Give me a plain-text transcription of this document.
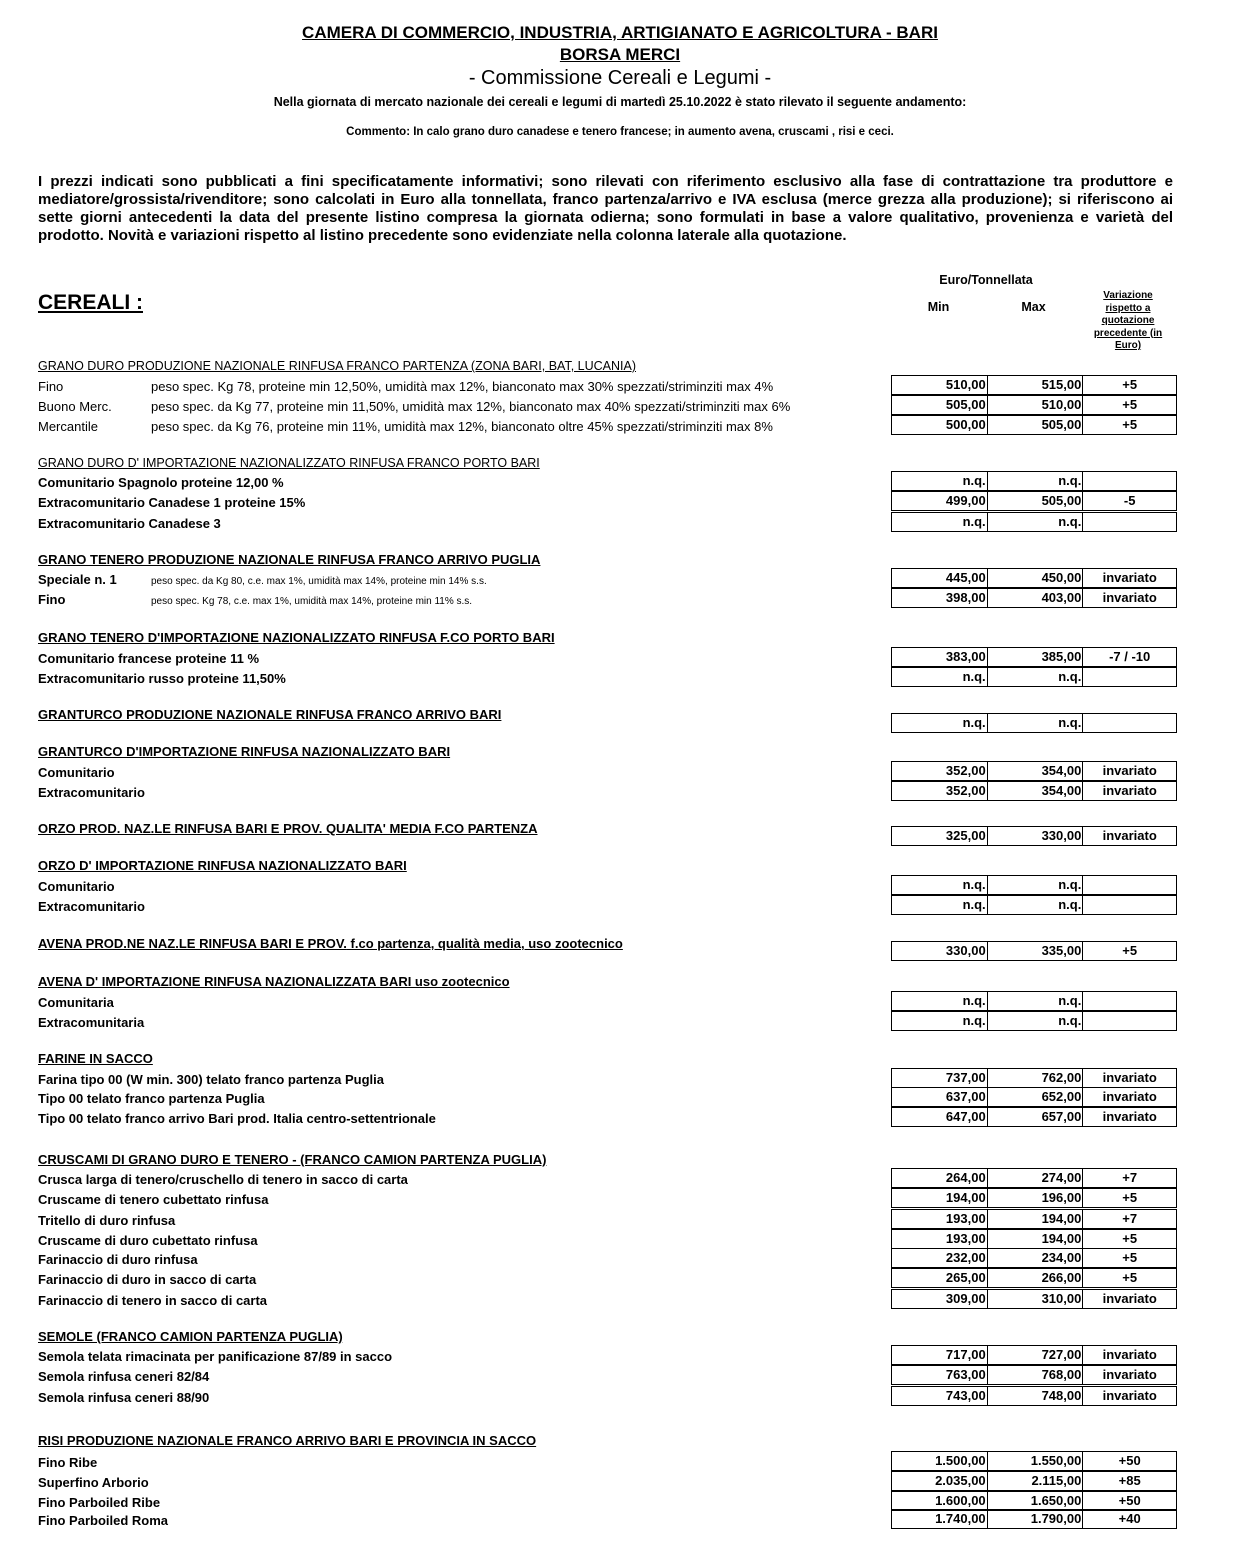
CAMERA DI COMMERCIO, INDUSTRIA, ARTIGIANATO E AGRICOLTURA - BARI
BORSA MERCI
- Commissione Cereali e Legumi -
Nella giornata di mercato nazionale dei cereali e legumi di martedì 25.10.2022 è stato rilevato il seguente andamento:
Commento: In calo grano duro canadese e tenero francese; in aumento avena, cruscami , risi e ceci.
I prezzi indicati sono pubblicati a fini specificatamente informativi; sono rilevati con riferimento esclusivo alla fase di contrattazione tra produttore e mediatore/grossista/rivenditore; sono calcolati in Euro alla tonnellata, franco partenza/arrivo e IVA esclusa (merce grezza alla produzione); si riferiscono ai sette giorni antecedenti la data del presente listino compresa la giornata odierna; sono formulati in base a valore qualitativo, provenienza e varietà del prodotto. Novità e variazioni rispetto al listino precedente sono evidenziate nella colonna laterale alla quotazione.
CEREALI :
Euro/Tonnellata
Min	Max
Variazione rispetto a quotazione precedente (in Euro)
GRANO DURO PRODUZIONE NAZIONALE RINFUSA FRANCO PARTENZA (ZONA BARI, BAT, LUCANIA)
Fino	peso spec. Kg 78, proteine min 12,50%, umidità max 12%, bianconato max 30% spezzati/striminziti max 4%	510,00	515,00	+5
Buono Merc.	peso spec. da Kg 77, proteine min 11,50%, umidità max 12%, bianconato max 40% spezzati/striminziti max 6%	505,00	510,00	+5
Mercantile	peso spec. da Kg 76, proteine min 11%, umidità max 12%, bianconato oltre 45% spezzati/striminziti max 8%	500,00	505,00	+5
GRANO DURO D' IMPORTAZIONE NAZIONALIZZATO RINFUSA FRANCO PORTO BARI
Comunitario Spagnolo proteine 12,00 %	n.q.	n.q.
Extracomunitario Canadese 1 proteine 15%	499,00	505,00	-5
Extracomunitario Canadese 3	n.q.	n.q.
GRANO TENERO PRODUZIONE NAZIONALE RINFUSA FRANCO ARRIVO PUGLIA
Speciale n. 1	peso spec. da Kg 80, c.e. max 1%, umidità max 14%, proteine min 14% s.s.	445,00	450,00	invariato
Fino	peso spec. Kg 78, c.e. max 1%, umidità max 14%, proteine min 11% s.s.	398,00	403,00	invariato
GRANO TENERO D'IMPORTAZIONE NAZIONALIZZATO RINFUSA F.CO PORTO BARI
Comunitario francese proteine 11 %	383,00	385,00	-7 / -10
Extracomunitario russo proteine 11,50%	n.q.	n.q.
GRANTURCO PRODUZIONE NAZIONALE RINFUSA FRANCO ARRIVO BARI
n.q.	n.q.
GRANTURCO D'IMPORTAZIONE RINFUSA NAZIONALIZZATO BARI
Comunitario	352,00	354,00	invariato
Extracomunitario	352,00	354,00	invariato
ORZO PROD. NAZ.LE RINFUSA BARI E PROV. QUALITA' MEDIA F.CO PARTENZA	325,00	330,00	invariato
ORZO D' IMPORTAZIONE RINFUSA NAZIONALIZZATO BARI
Comunitario	n.q.	n.q.
Extracomunitario	n.q.	n.q.
AVENA PROD.NE NAZ.LE RINFUSA BARI E PROV. f.co partenza, qualità media, uso zootecnico	330,00	335,00	+5
AVENA D' IMPORTAZIONE RINFUSA NAZIONALIZZATA BARI uso zootecnico
Comunitaria	n.q.	n.q.
Extracomunitaria	n.q.	n.q.
FARINE IN SACCO
Farina tipo 00 (W min. 300) telato franco partenza Puglia	737,00	762,00	invariato
Tipo 00 telato franco partenza Puglia	637,00	652,00	invariato
Tipo 00 telato franco arrivo Bari prod. Italia centro-settentrionale	647,00	657,00	invariato
CRUSCAMI DI GRANO DURO E TENERO - (FRANCO CAMION PARTENZA PUGLIA)
Crusca larga di tenero/cruschello di tenero in sacco di carta	264,00	274,00	+7
Cruscame di tenero cubettato rinfusa	194,00	196,00	+5
Tritello di duro rinfusa	193,00	194,00	+7
Cruscame di duro cubettato rinfusa	193,00	194,00	+5
Farinaccio di duro rinfusa	232,00	234,00	+5
Farinaccio di duro in sacco di carta	265,00	266,00	+5
Farinaccio di tenero in sacco di carta	309,00	310,00	invariato
SEMOLE (FRANCO CAMION PARTENZA PUGLIA)
Semola telata rimacinata per panificazione 87/89 in sacco	717,00	727,00	invariato
Semola rinfusa ceneri 82/84	763,00	768,00	invariato
Semola rinfusa ceneri 88/90	743,00	748,00	invariato
RISI PRODUZIONE NAZIONALE FRANCO ARRIVO BARI E PROVINCIA IN SACCO
Fino Ribe	1.500,00	1.550,00	+50
Superfino Arborio	2.035,00	2.115,00	+85
Fino Parboiled Ribe	1.600,00	1.650,00	+50
Fino Parboiled Roma	1.740,00	1.790,00	+40
